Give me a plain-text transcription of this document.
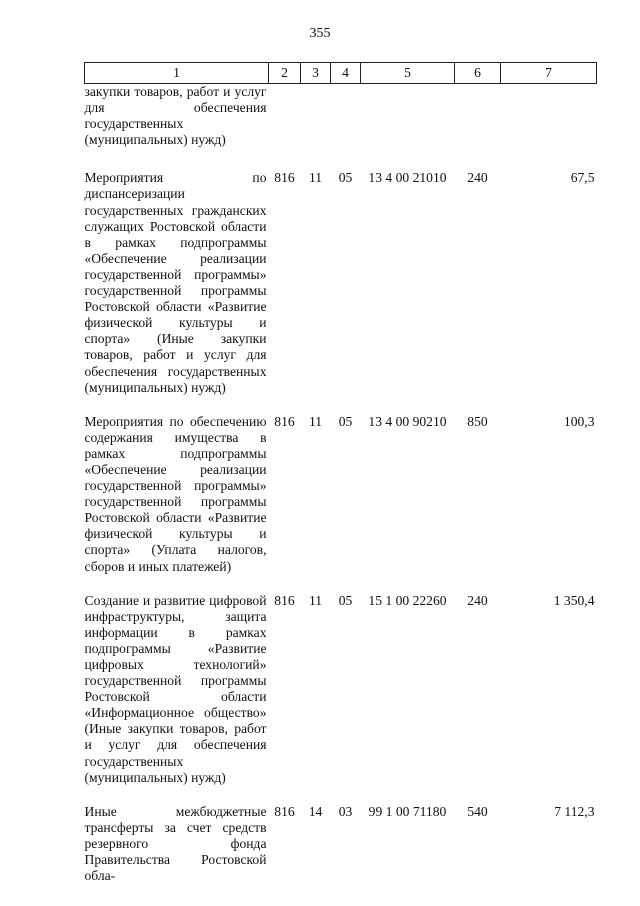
355
1	2	3	4	5	6	7
закупки товаров, работ и услуг для обеспечения государственных (муниципальных) нужд)						
Мероприятия по диспансеризации государственных гражданских служащих Ростовской области в рамках подпрограммы «Обеспечение реализации государственной программы» государственной программы Ростовской области «Развитие физической культуры и спорта» (Иные закупки товаров, работ и услуг для обеспечения государственных (муниципальных) нужд)	816	11	05	13 4 00 21010	240	67,5
Мероприятия по обеспечению содержания имущества в рамках подпрограммы «Обеспечение реализации государственной программы» государственной программы Ростовской области «Развитие физической культуры и спорта» (Уплата налогов, сборов и иных платежей)	816	11	05	13 4 00 90210	850	100,3
Создание и развитие цифровой инфраструктуры, защита информации в рамках подпрограммы «Развитие цифровых технологий» государственной программы Ростовской области «Информационное общество» (Иные закупки товаров, работ и услуг для обеспечения государственных (муниципальных) нужд)	816	11	05	15 1 00 22260	240	1 350,4
Иные межбюджетные трансферты за счет средств резервного фонда Правительства Ростовской обла-	816	14	03	99 1 00 71180	540	7 112,3
